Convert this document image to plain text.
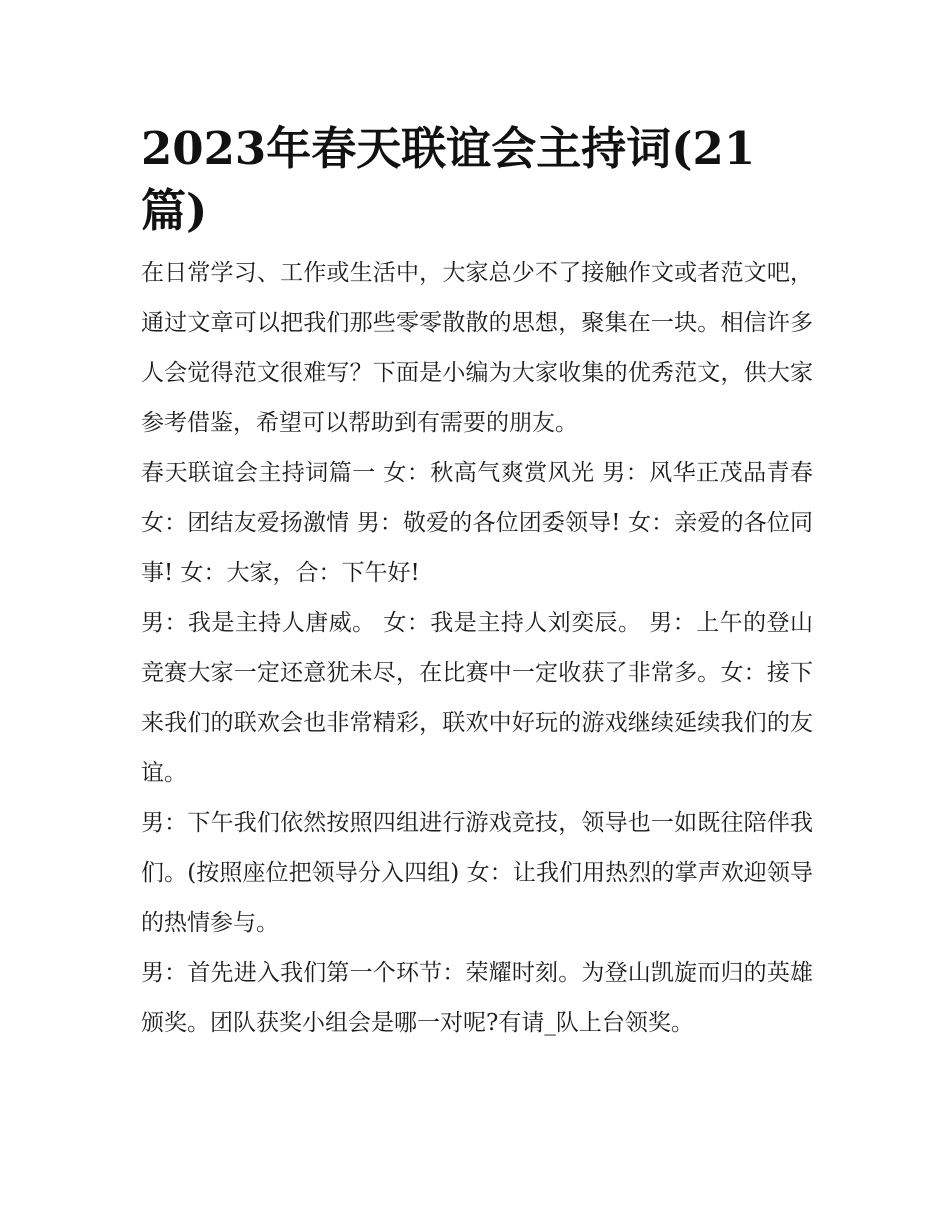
2023年春天联谊会主持词(21篇)

在日常学习、工作或生活中，大家总少不了接触作文或者范文吧，通过文章可以把我们那些零零散散的思想，聚集在一块。相信许多人会觉得范文很难写？下面是小编为大家收集的优秀范文，供大家参考借鉴，希望可以帮助到有需要的朋友。

春天联谊会主持词篇一 女：秋高气爽赏风光 男：风华正茂品青春 女：团结友爱扬激情 男：敬爱的各位团委领导! 女：亲爱的各位同事! 女：大家，合：下午好!

男：我是主持人唐威。 女：我是主持人刘奕辰。 男：上午的登山竞赛大家一定还意犹未尽，在比赛中一定收获了非常多。女：接下来我们的联欢会也非常精彩，联欢中好玩的游戏继续延续我们的友谊。

男：下午我们依然按照四组进行游戏竞技，领导也一如既往陪伴我们。(按照座位把领导分入四组) 女：让我们用热烈的掌声欢迎领导的热情参与。

男：首先进入我们第一个环节：荣耀时刻。为登山凯旋而归的英雄颁奖。团队获奖小组会是哪一对呢?有请_队上台领奖。
